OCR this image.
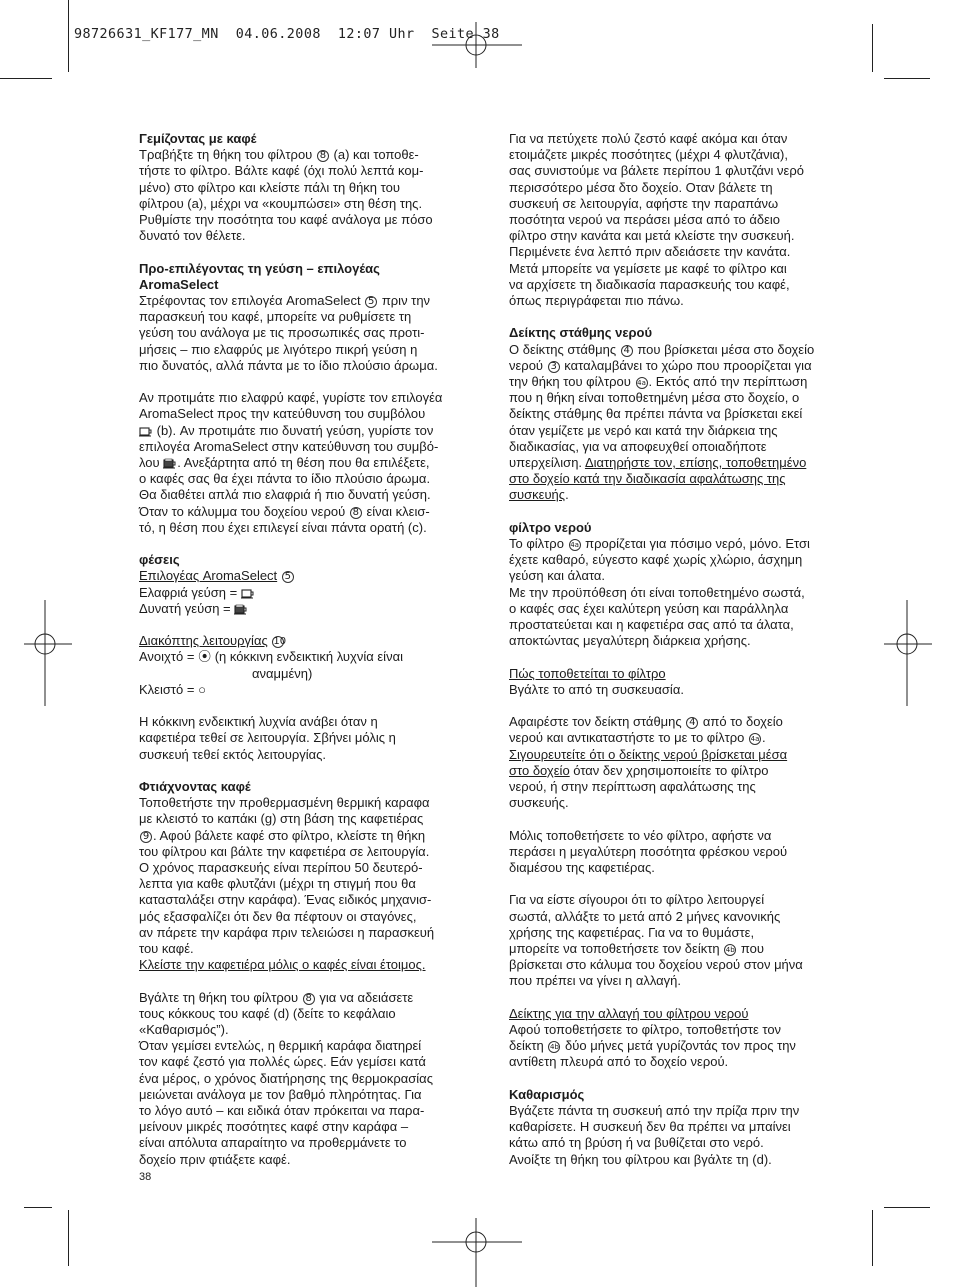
98726631_KF177_MN  04.06.2008  12:07 Uhr  Seite 38
Γεμίζοντας με καφέ

Τραβήξτε τη θήκη του φίλτρου 8 (a) και τοποθε-
τήστε το φίλτρο. Βάλτε καφέ (όχι πολύ λεπτά κομ-
μένο) στο φίλτρο και κλείστε πάλι τη θήκη του
φίλτρου (a), μέχρι να «κουμπώσει» στη θέση της.
Ρυθμίστε την ποσότητα του καφέ ανάλογα με πόσο
δυνατό τον θέλετε.

Προ-επιλέγοντας τη γεύση – επιλογέας
AromaSelect

Στρέφοντας τον επιλογέα AromaSelect 5 πριν την
παρασκευή του καφέ, μπορείτε να ρυθμίσετε τη
γεύση του ανάλογα με τις προσωπικές σας προτι-
μήσεις – πιο ελαφρύς με λιγότερο πικρή γεύση η
πιο δυνατός, αλλά πάντα με το ίδιο πλούσιο άρωμα.

Αν προτιμάτε πιο ελαφρύ καφέ, γυρίστε τον επιλογέα
AromaSelect προς την κατεύθυνση του συμβόλου
(b). Αν προτιμάτε πιο δυνατή γεύση, γυρίστε τον
επιλογέα AromaSelect στην κατεύθυνση του συμβό-
λου . Ανεξάρτητα από τη θέση που θα επιλέξετε,
ο καφές σας θα έχει πάντα το ίδιο πλούσιο άρωμα.
Θα διαθέτει απλά πιο ελαφριά ή πιο δυνατή γεύση.
Όταν το κάλυμμα του δοχείου νερού 8 είναι κλεισ-
τό, η θέση που έχει επιλεγεί είναι πάντα ορατή (c).

φέσεις

Επιλογέας AromaSelect 5
Ελαφριά γεύση =
Δυνατή γεύση =

Διακόπτης λειτουργίας 10
Ανοιχτό = ⦿ (η κόκκινη ενδεικτική λυχνία είναι
αναμμένη)
Κλειστό = ○

Η κόκκινη ενδεικτική λυχνία ανάβει όταν η
καφετιέρα τεθεί σε λειτουργία. Σβήνει μόλις η
συσκευή τεθεί εκτός λειτουργίας.

Φτιάχνοντας καφέ

Τοποθετήστε την προθερμασμένη θερμική καραφα
με κλειστό το καπάκι (g) στη βάση της καφετιέρας
9 . Αφού βάλετε καφέ στο φίλτρο, κλείστε τη θήκη
του φίλτρου και βάλτε την καφετιέρα σε λειτουργία.
Ο χρόνος παρασκευής είναι περίπου 50 δευτερό-
λεπτα για καθε φλυτζάνι (μέχρι τη στιγμή που θα
κατασταλάξει στην καράφα). Ένας ειδικός μηχανισ-
μός εξασφαλίζει ότι δεν θα πέφτουν οι σταγόνες,
αν πάρετε την καράφα πριν τελειώσει η παρασκευή
του καφέ.
Κλείστε την καφετιέρα μόλις ο καφές είναι έτοιμος.

Βγάλτε τη θήκη του φίλτρου 8 για να αδειάσετε
τους κόκκους του καφέ (d) (δείτε το κεφάλαιο
«Καθαρισμός”).
Όταν γεμίσει εντελώς, η θερμική καράφα διατηρεί
τον καφέ ζεστό για πολλές ώρες. Εάν γεμίσει κατά
ένα μέρος, ο χρόνος διατήρησης της θερμοκρασίας
μειώνεται ανάλογα με τον βαθμό πληρότητας. Για
το λόγο αυτό – και ειδικά όταν πρόκειται να παρα-
μείνουν μικρές ποσότητες καφέ στην καράφα –
είναι απόλυτα απαραίτητο να προθερμάνετε το
δοχείο πριν φτιάξετε καφέ.

Για να πετύχετε πολύ ζεστό καφέ ακόμα και όταν
ετοιμάζετε μικρές ποσότητες (μέχρι 4 φλυτζάνια),
σας συνιστούμε να βάλετε περίπου 1 φλυτζάνι νερό
περισσότερο μέσα δτο δοχείο. Οταν βάλετε τη
συσκευή σε λειτουργία, αφήστε την παραπάνω
ποσότητα νερού να περάσει μέσα από το άδειο
φίλτρο στην κανάτα και μετά κλείστε την συσκευή.
Περιμένετε ένα λεπτό πριν αδειάσετε την κανάτα.
Μετά μπορείτε να γεμίσετε με καφέ το φίλτρο και
να αρχίσετε τη διαδικασία παρασκευής του καφέ,
όπως περιγράφεται πιο πάνω.

Δείκτης στάθμης νερού

Ο δείκτης στάθμης 4 που βρίσκεται μέσα στο δοχείο
νερού 3 καταλαμβάνει το χώρο που προορίζεται για
την θήκη του φίλτρου 4a . Εκτός από την περίπτωση
που η θήκη είναι τοποθετημένη μέσα στο δοχείο, ο
δείκτης στάθμης θα πρέπει πάντα να βρίσκεται εκεί
όταν γεμίζετε με νερό και κατά την διάρκεια της
διαδικασίας, για να αποφευχθεί οποιαδήποτε
υπερχείλιση. Διατηρήστε τον, επίσης, τοποθετημένο
στο δοχείο κατά την διαδικασία αφαλάτωσης της
συσκευής.

φίλτρο νερού

Το φίλτρο 4a προρίζεται για πόσιμο νερό, μόνο. Ετσι
έχετε καθαρό, εύγεστο καφέ χωρίς χλώριο, άσχημη
γεύση και άλατα.
Με την προϋπόθεση ότι είναι τοποθετημένο σωστά,
ο καφές σας έχει καλύτερη γεύση και παράλληλα
προστατεύεται και η καφετιέρα σας από τα άλατα,
αποκτώντας μεγαλύτερη διάρκεια χρήσης.

Πώς τοποθετείται το φίλτρο
Βγάλτε το από τη συσκευασία.

Αφαιρέστε τον δείκτη στάθμης 4 από το δοχείο
νερού και αντικαταστήστε το με το φίλτρο 4a .
Σιγουρευτείτε ότι ο δείκτης νερού βρίσκεται μέσα
στο δοχείο όταν δεν χρησιμοποιείτε το φίλτρο
νερού, ή στην περίπτωση αφαλάτωσης της
συσκευής.

Μόλις τοποθετήσετε το νέο φίλτρο, αφήστε να
περάσει η μεγαλύτερη ποσότητα φρέσκου νερού
διαμέσου της καφετιέρας.

Για να είστε σίγουροι ότι το φίλτρο λειτουργεί
σωστά, αλλάξτε το μετά από 2 μήνες κανονικής
χρήσης της καφετιέρας. Για να το θυμάστε,
μπορείτε να τοποθετήσετε τον δείκτη 4b που
βρίσκεται στο κάλυμα του δοχείου νερού στον μήνα
που πρέπει να γίνει η αλλαγή.

Δείκτης για την αλλαγή του φίλτρου νερού
Αφού τοποθετήσετε το φίλτρο, τοποθετήστε τον
δείκτη 4b δύο μήνες μετά γυρίζοντάς τον προς την
αντίθετη πλευρά από το δοχείο νερού.

Καθαρισμός

Βγάζετε πάντα τη συσκευή από την πρίζα πριν την
καθαρίσετε. Η συσκευή δεν θα πρέπει να μπαίνει
κάτω από τη βρύση ή να βυθίζεται στο νερό.
Ανοίξτε τη θήκη του φίλτρου και βγάλτε τη (d).

38
